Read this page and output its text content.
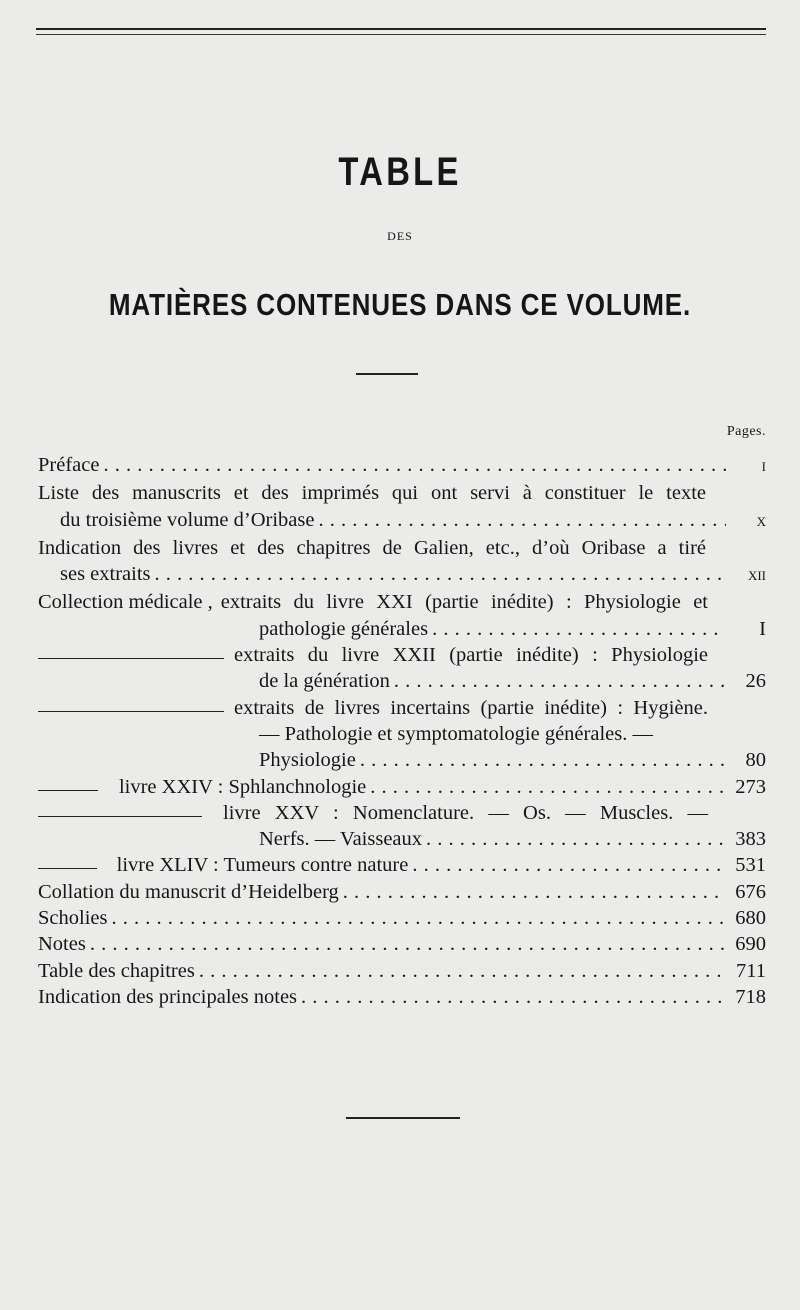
TABLE
DES
MATIÈRES CONTENUES DANS CE VOLUME.
Pages.
Préface . . .	I
Liste des manuscrits et des imprimés qui ont servi à constituer le texte
du troisième volume d’Oribase . . .	X
Indication des livres et des chapitres de Galien, etc., d’où Oribase a tiré
ses extraits . . .	XII
Collection médicale , extraits du livre XXI (partie inédite) : Physiologie et
pathologie générales . . .	I
extraits du livre XXII (partie inédite) : Physiologie
de la génération . . .	26
extraits de livres incertains (partie inédite) : Hygiène.
— Pathologie et symptomatologie générales. —
Physiologie . . .	80
livre XXIV : Sphlanchnologie . . .	273
livre XXV : Nomenclature. — Os. — Muscles. —
Nerfs. — Vaisseaux . . .	383
livre XLIV : Tumeurs contre nature . . .	531
Collation du manuscrit d’Heidelberg . . .	676
Scholies . . .	680
Notes . . .	690
Table des chapitres . . .	711
Indication des principales notes . . .	718
